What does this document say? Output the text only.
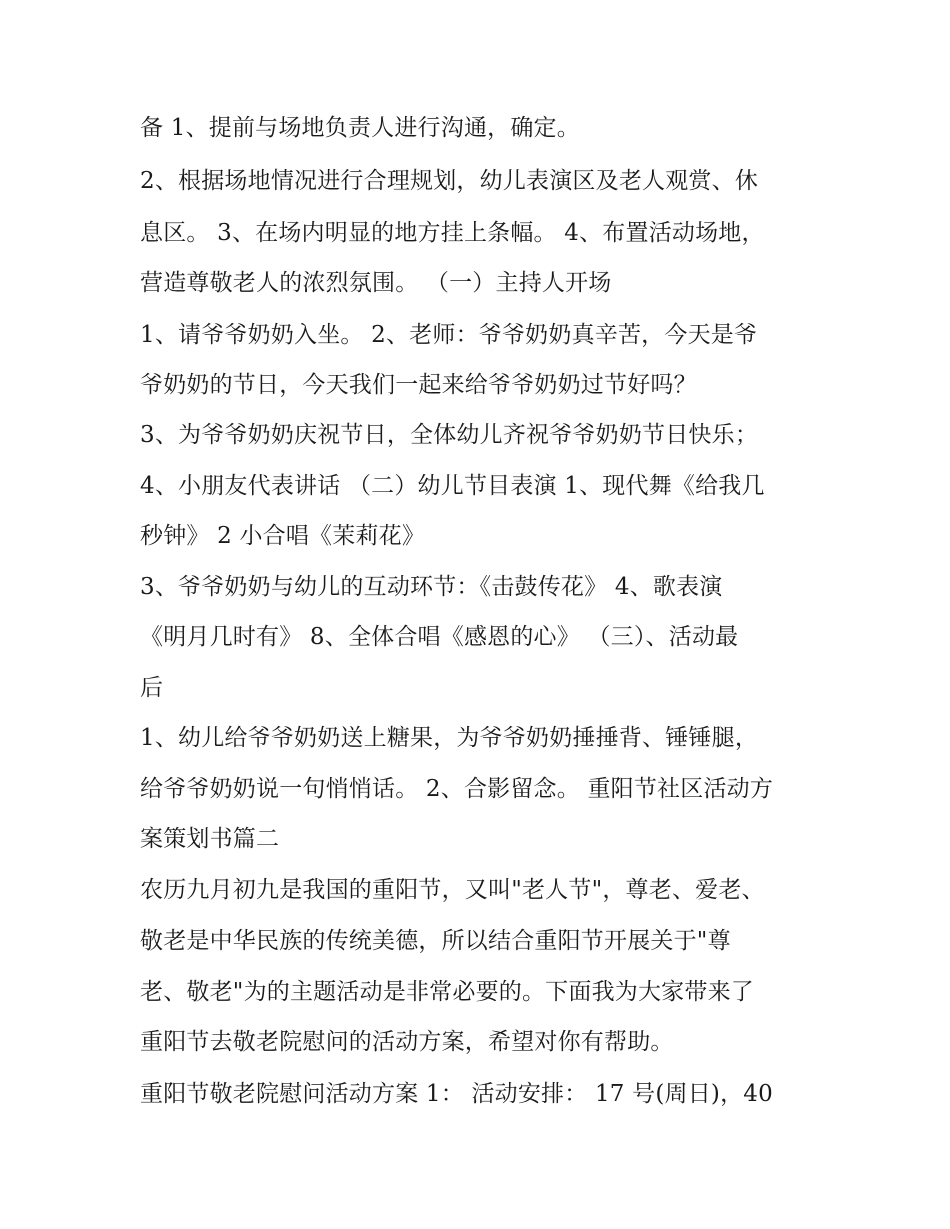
备 1、提前与场地负责人进行沟通，确定。

2、根据场地情况进行合理规划，幼儿表演区及老人观赏、休

息区。 3、在场内明显的地方挂上条幅。 4、布置活动场地，

营造尊敬老人的浓烈氛围。 （一）主持人开场

1、请爷爷奶奶入坐。 2、老师：爷爷奶奶真辛苦，今天是爷

爷奶奶的节日，今天我们一起来给爷爷奶奶过节好吗？

3、为爷爷奶奶庆祝节日，全体幼儿齐祝爷爷奶奶节日快乐；

4、小朋友代表讲话 （二）幼儿节目表演 1、现代舞《给我几

秒钟》 2 小合唱《茉莉花》

3、爷爷奶奶与幼儿的互动环节：《击鼓传花》 4、歌表演

《明月几时有》 8、全体合唱《感恩的心》 （三）、活动最

后

1、幼儿给爷爷奶奶送上糖果，为爷爷奶奶捶捶背、锤锤腿，

给爷爷奶奶说一句悄悄话。 2、合影留念。 重阳节社区活动方

案策划书篇二

农历九月初九是我国的重阳节，又叫"老人节"，尊老、爱老、

敬老是中华民族的传统美德，所以结合重阳节开展关于"尊

老、敬老"为的主题活动是非常必要的。下面我为大家带来了

重阳节去敬老院慰问的活动方案，希望对你有帮助。

重阳节敬老院慰问活动方案 1： 活动安排： 17 号(周日)，40
